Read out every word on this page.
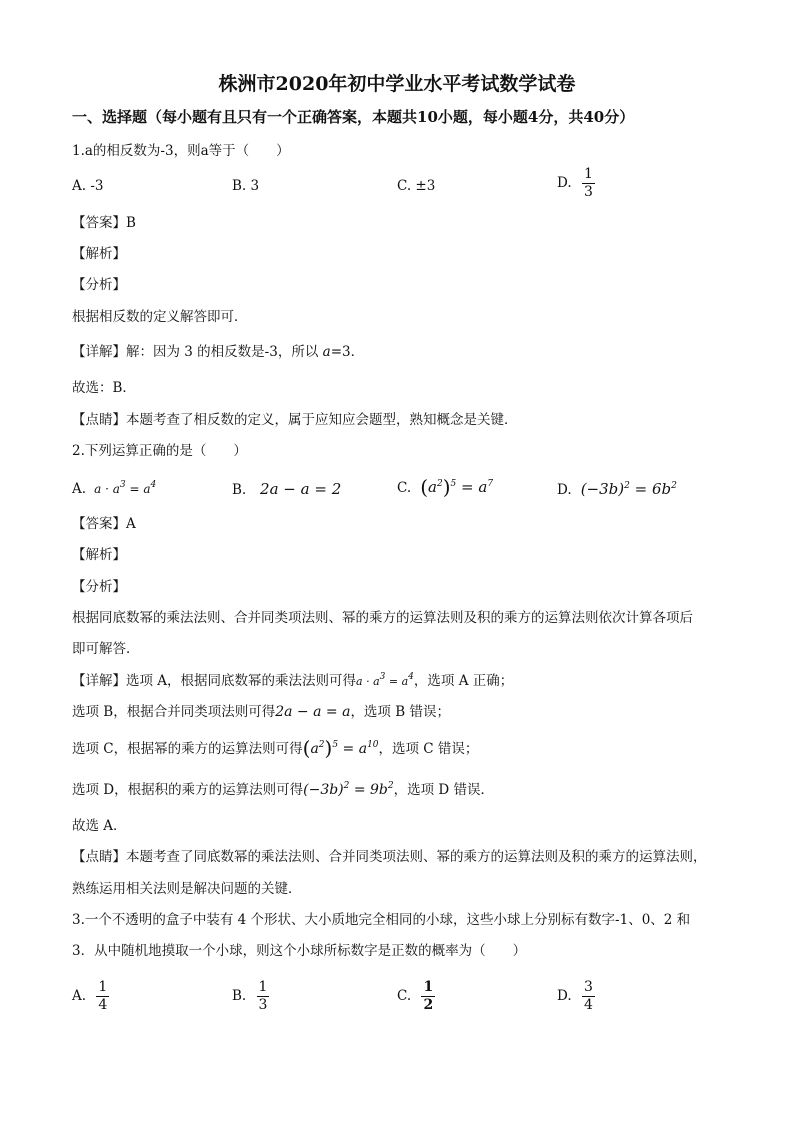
株洲市2020年初中学业水平考试数学试卷
一、选择题（每小题有且只有一个正确答案，本题共10小题，每小题4分，共40分）
1.a的相反数为-3，则a等于（　　）
A. -3	B. 3	C. ±3	D. $\frac{1}{3}$
【答案】B
【解析】
【分析】
根据相反数的定义解答即可．
【详解】解：因为 3 的相反数是-3，所以 a=3．
故选：B．
【点睛】本题考查了相反数的定义，属于应知应会题型，熟知概念是关键．
2.下列运算正确的是（　　）
A.  $a \cdot a^3 = a^4$	B.   2a − a = 2	C. $(a^2)^5 = a^7$	D.  $(-3b)^2 = 6b^2$
【答案】A
【解析】
【分析】
根据同底数幂的乘法法则、合并同类项法则、幂的乘方的运算法则及积的乘方的运算法则依次计算各项后
即可解答．
【详解】选项 A，根据同底数幂的乘法法则可得$a \cdot a^3 = a^4$，选项 A 正确；
选项 B，根据合并同类项法则可得2a − a = a，选项 B 错误；
选项 C，根据幂的乘方的运算法则可得$(a^2)^5 = a^{10}$，选项 C 错误；
选项 D，根据积的乘方的运算法则可得$(-3b)^2 = 9b^2$，选项 D 错误．
故选 A．
【点睛】本题考查了同底数幂的乘法法则、合并同类项法则、幂的乘方的运算法则及积的乘方的运算法则，
熟练运用相关法则是解决问题的关键．
3.一个不透明的盒子中装有 4 个形状、大小质地完全相同的小球，这些小球上分别标有数字-1、0、2 和
3．从中随机地摸取一个小球，则这个小球所标数字是正数的概率为（　　）
A. $\frac{1}{4}$	B. $\frac{1}{3}$	C. $\frac{1}{2}$	D. $\frac{3}{4}$
